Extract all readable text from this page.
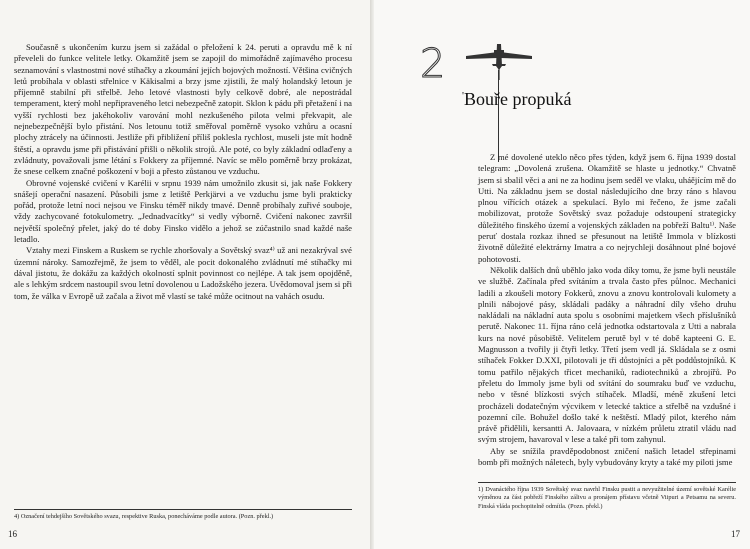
Současně s ukončením kurzu jsem si zažádal o přeložení k 24. peruti a opravdu mě k ní převeleli do funkce velitele letky. Okamžitě jsem se zapojil do mimořádně zajímavého procesu seznamování s vlastnostmi nové stíhačky a zkoumání jejích bojových možností. Většina cvičných letů probíhala v oblasti střelnice v Käkisalmi a brzy jsme zjistili, že malý holandský letoun je příjemně stabilní při střelbě. Jeho letové vlastnosti byly celkově dobré, ale nepostrádal temperament, který mohl nepřipraveného letci nebezpečně zatopit. Sklon k pádu při přetažení i na vyšší rychlosti bez jakéhokoliv varování mohl nezkušeného pilota velmi překvapit, ale nejnebezpečnější bylo přistání. Nos letounu totiž směřoval poměrně vysoko vzhůru a ocasní plochy ztrácely na účinnosti. Jestliže při přibližení příliš poklesla rychlost, museli jste mít hodně štěstí, a opravdu jsme při přistávání přišli o několik strojů. Ale poté, co byly základní odlaďeny a zvládnuty, považovali jsme létání s Fokkery za příjemné. Navíc se mělo poměrně brzy prokázat, že snese celkem značné poškození v boji a přesto zůstanou ve vzduchu.

Obrovné vojenské cvičení v Karélii v srpnu 1939 nám umožnilo zkusit si, jak naše Fokkery snášejí operační nasazení. Působili jsme z letiště Perkjärvi a ve vzduchu jsme byli prakticky pořád, protože letní noci nejsou ve Finsku téměř nikdy tmavé. Denně probíhaly zuřivé souboje, vždy zachycované fotokulometry. „Jednadvacítky“ si vedly výborně. Cvičení nakonec završil největší společný přelet, jaký do té doby Finsko vidělo a jehož se zúčastnilo snad každé naše letadlo.

Vztahy mezi Finskem a Ruskem se rychle zhoršovaly a Sovětský svaz⁴⁾ už ani nezakrýval své územní nároky. Samozřejmě, že jsem to věděl, ale pocit dokonalého zvládnutí mé stíhačky mi dával jistotu, že dokážu za každých okolností splnit povinnost co nejlépe. A tak jsem opojděně, ale s lehkým srdcem nastoupil svou letní dovolenou u Ladožského jezera. Uvědomoval jsem si při tom, že válka v Evropě už začala a život mě vlastí se také může ocitnout na vahách osudu.

4) Označení tehdejšího Sovětského svazu, respektive Ruska, ponecháváme podle autora. (Pozn. překl.)

16
2
' Bouře propuká

Z mé dovolené uteklo něco přes týden, když jsem 6. října 1939 dostal telegram: „Dovolená zrušena. Okamžitě se hlaste u jednotky.“ Chvatně jsem si sbalil věci a ani ne za hodinu jsem seděl ve vlaku, uháějícím mě do Utti. Na základnu jsem se dostal následujícího dne brzy ráno s hlavou plnou vířících otázek a spekulací. Bylo mi řečeno, že jsme začali mobilizovat, protože Sovětský svaz požaduje odstoupení strategicky důležitého finského území a vojenských základen na pobřeží Baltu¹⁾. Naše peruť dostala rozkaz ihned se přesunout na letiště Immola v blízkosti životně důležité elektrárny Imatra a co nejrychleji dosáhnout plné bojové pohotovosti.

Několik dalších dnů uběhlo jako voda díky tomu, že jsme byli neustále ve službě. Začínala před svítáním a trvala často přes půlnoc. Mechanici ladili a zkoušeli motory Fokkerů, znovu a znovu kontrolovali kulomety a plnili nábojové pásy, skládali padáky a náhradní díly všeho druhu nakládali na nákladní auta spolu s osobními majetkem všech příslušníků perutě. Nakonec 11. října ráno celá jednotka odstartovala z Utti a nabrala kurs na nové působiště. Velitelem perutě byl v té době kapteeni G. E. Magnusson a tvořily ji čtyři letky. Třetí jsem vedl já. Skládala se z osmi stíhaček Fokker D.XXI, pilotovali je tři důstojníci a pět poddůstojníků. K tomu patřilo nějakých třicet mechaniků, radiotechniků a zbrojířů. Po přeletu do Immoly jsme byli od svítání do soumraku buď ve vzduchu, nebo v těsné blízkosti svých stíhaček. Mladší, méně zkušení letci procházeli dodatečným výcvikem v letecké taktice a střelbě na vzdušné i pozemní cíle. Bohužel došlo také k neštěstí. Mladý pilot, kterého nám právě přidělili, kersantti A. Jalovaara, v nízkém průletu ztratil vládu nad svým strojem, havaroval v lese a také při tom zahynul.

Aby se snížila pravděpodobnost zničení našich letadel střepinami bomb při možných náletech, byly vybudovány kryty a také my piloti jsme

1) Dvanáctého října 1939 Sovětský svaz navrhl Finsku pustit a nevyužitelné území sovětské Karélie výměnou za část pobřeží Finského zálivu a pronájem přístavu včetně Viipuri a Petsamu na severu. Finská vláda pochopitelně odmítla. (Pozn. překl.)

17
